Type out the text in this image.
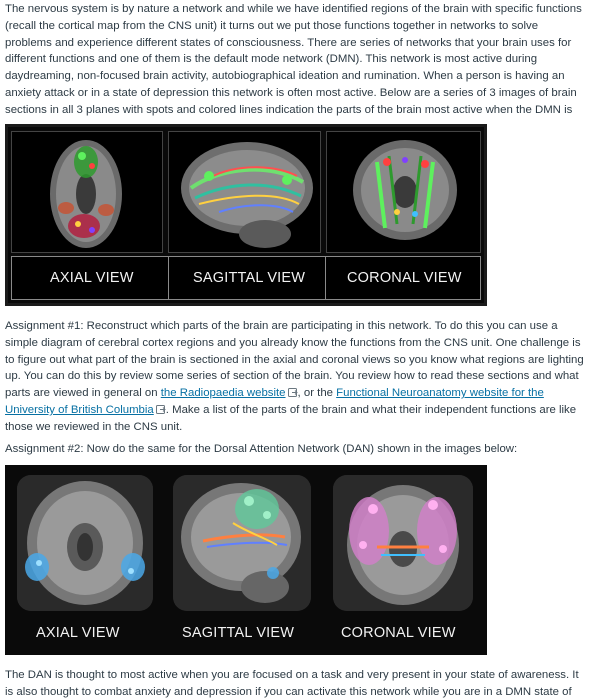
The nervous system is by nature a network and while we have identified regions of the brain with specific functions (recall the cortical map from the CNS unit) it turns out we put those functions together in networks to solve problems and experience different states of consciousness. There are series of networks that your brain uses for different functions and one of them is the default mode network (DMN). This network is most active during daydreaming, non-focused brain activity, autobiographical ideation and rumination. When a person is having an anxiety attack or in a state of depression this network is often most active. Below are a series of 3 images of brain sections in all 3 planes with spots and colored lines indication the parts of the brain most active when the DMN is

AXIAL VIEW	SAGITTAL VIEW	CORONAL VIEW

Assignment #1: Reconstruct which parts of the brain are participating in this network. To do this you can use a simple diagram of cerebral cortex regions and you already know the functions from the CNS unit. One challenge is to figure out what part of the brain is sectioned in the axial and coronal views so you know what regions are lighting up. You can do this by review some series of section of the brain. You review how to read these sections and what parts are viewed in general on the Radiopaedia website , or the Functional Neuroanatomy website for the University of British Columbia . Make a list of the parts of the brain and what their independent functions are like those we reviewed in the CNS unit.

Assignment #2: Now do the same for the Dorsal Attention Network (DAN) shown in the images below:

AXIAL VIEW	SAGITTAL VIEW	CORONAL VIEW

The DAN is thought to most active when you are focused on a task and very present in your state of awareness. It is also thought to combat anxiety and depression if you can activate this network while you are in a DMN state of
